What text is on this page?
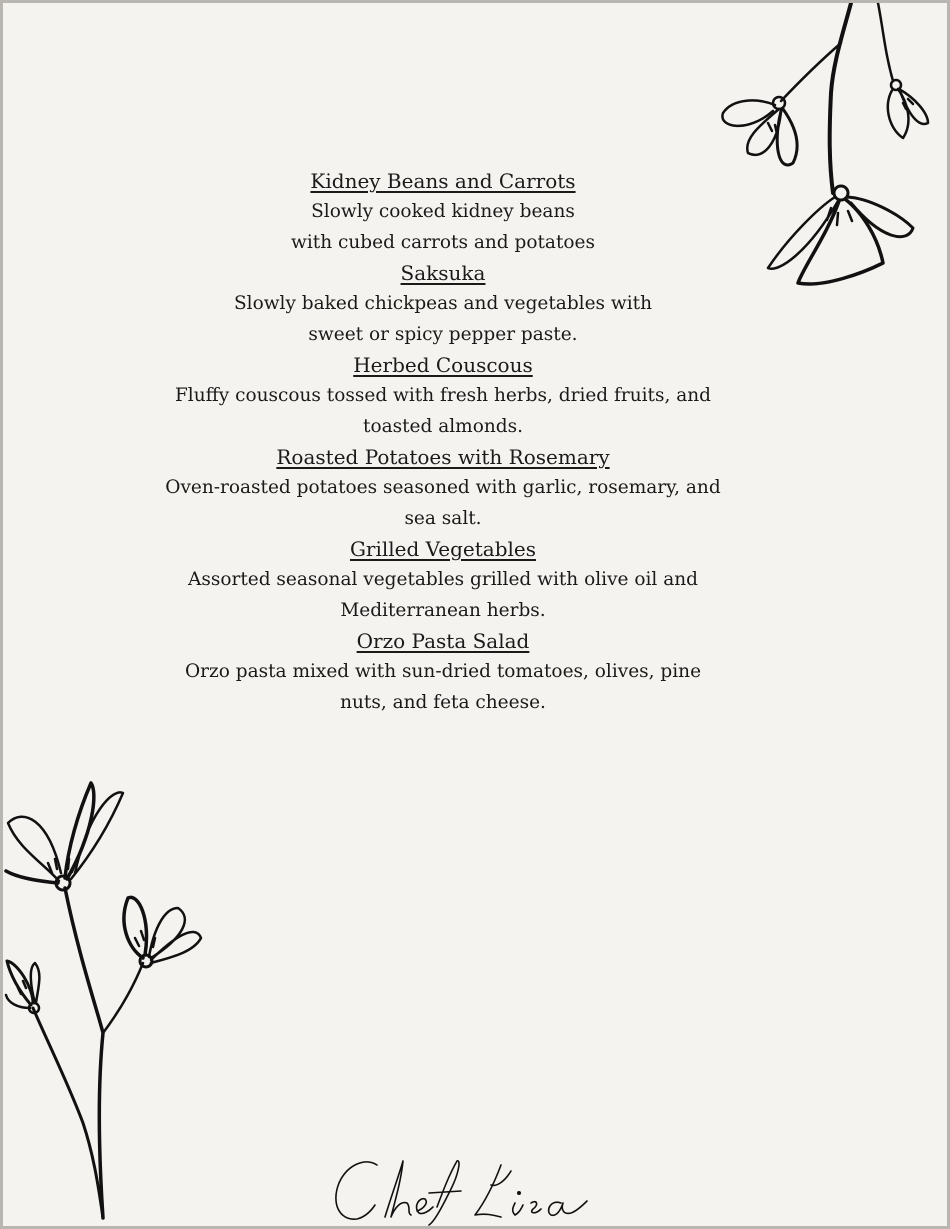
Kidney Beans and Carrots
Slowly cooked kidney beans
with cubed carrots and potatoes
Saksuka
Slowly baked chickpeas and vegetables with
sweet or spicy pepper paste.
Herbed Couscous
Fluffy couscous tossed with fresh herbs, dried fruits, and
toasted almonds.
Roasted Potatoes with Rosemary
Oven-roasted potatoes seasoned with garlic, rosemary, and
sea salt.
Grilled Vegetables
Assorted seasonal vegetables grilled with olive oil and
Mediterranean herbs.
Orzo Pasta Salad
Orzo pasta mixed with sun-dried tomatoes, olives, pine
nuts, and feta cheese.
